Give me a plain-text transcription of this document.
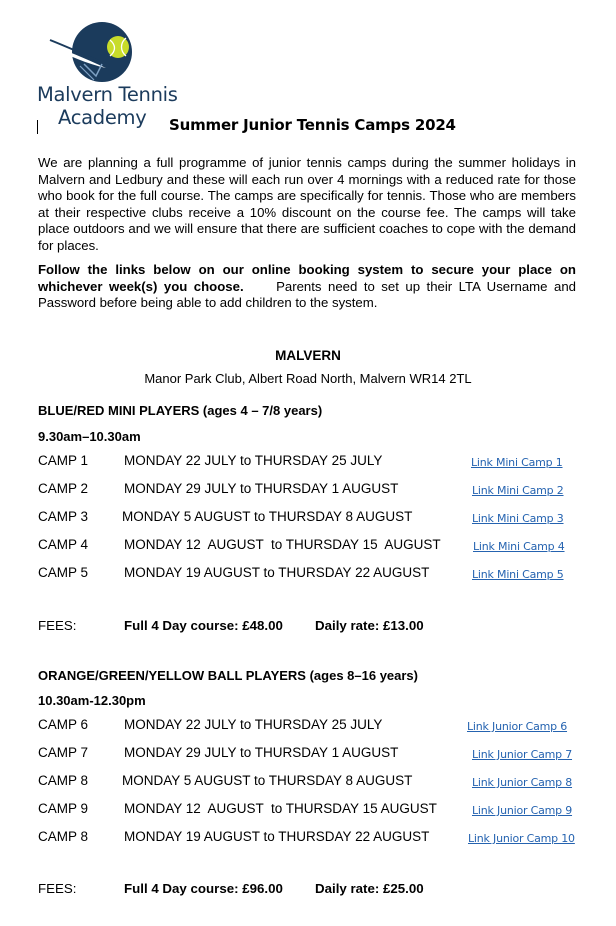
Malvern Tennis
Academy Summer Junior Tennis Camps 2024
We are planning a full programme of junior tennis camps during the summer holidays in Malvern and Ledbury and these will each run over 4 mornings with a reduced rate for those who book for the full course. The camps are specifically for tennis. Those who are members at their respective clubs receive a 10% discount on the course fee. The camps will take place outdoors and we will ensure that there are sufficient coaches to cope with the demand for places.
Follow the links below on our online booking system to secure your place on whichever week(s) you choose. Parents need to set up their LTA Username and Password before being able to add children to the system.
MALVERN
Manor Park Club, Albert Road North, Malvern WR14 2TL
BLUE/RED MINI PLAYERS (ages 4 – 7/8 years)
9.30am–10.30am
CAMP 1	MONDAY 22 JULY to THURSDAY 25 JULY	Link Mini Camp 1
CAMP 2	MONDAY 29 JULY to THURSDAY 1 AUGUST	Link Mini Camp 2
CAMP 3	MONDAY 5 AUGUST to THURSDAY 8 AUGUST	Link Mini Camp 3
CAMP 4	MONDAY 12  AUGUST  to THURSDAY 15  AUGUST	Link Mini Camp 4
CAMP 5	MONDAY 19 AUGUST to THURSDAY 22 AUGUST	Link Mini Camp 5
FEES:	Full 4 Day course: £48.00 Daily rate: £13.00
ORANGE/GREEN/YELLOW BALL PLAYERS (ages 8–16 years)
10.30am-12.30pm
CAMP 6	MONDAY 22 JULY to THURSDAY 25 JULY	Link Junior Camp 6
CAMP 7	MONDAY 29 JULY to THURSDAY 1 AUGUST	Link Junior Camp 7
CAMP 8	MONDAY 5 AUGUST to THURSDAY 8 AUGUST	Link Junior Camp 8
CAMP 9	MONDAY 12  AUGUST  to THURSDAY 15 AUGUST	Link Junior Camp 9
CAMP 8	MONDAY 19 AUGUST to THURSDAY 22 AUGUST	Link Junior Camp 10
FEES:	Full 4 Day course: £96.00 Daily rate: £25.00
